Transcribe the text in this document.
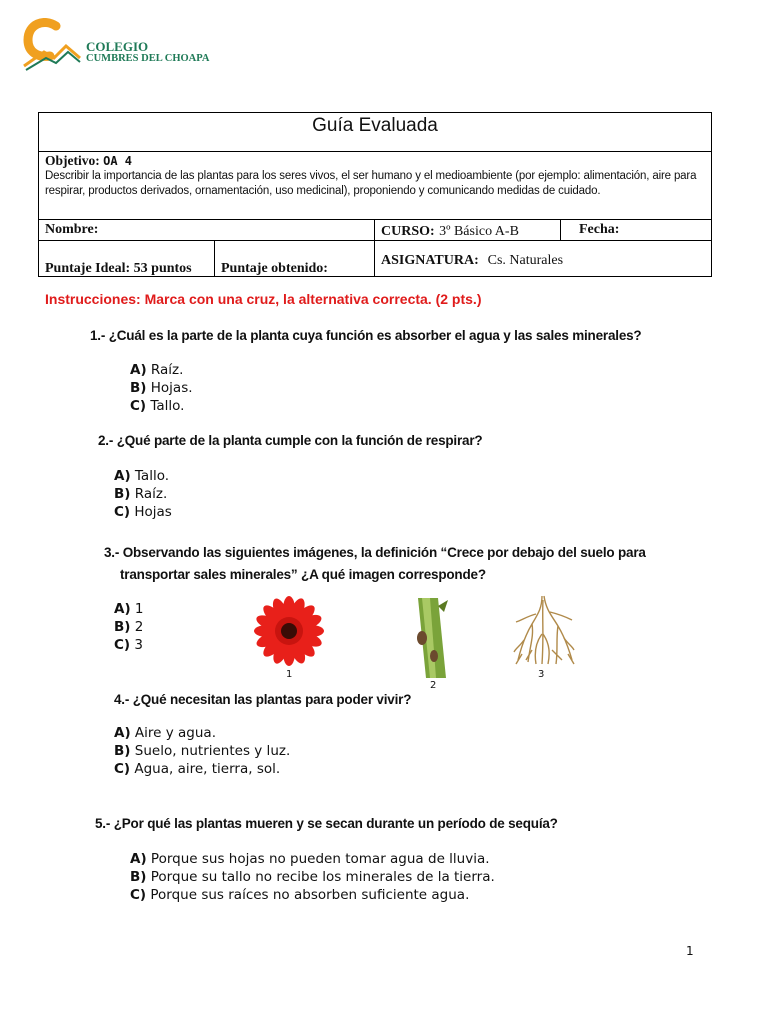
COLEGIO
CUMBRES DEL CHOAPA
Guía Evaluada
Objetivo: OA 4
Describir la importancia de las plantas para los seres vivos, el ser humano y el medioambiente (por ejemplo: alimentación, aire para respirar, productos derivados, ornamentación, uso medicinal), proponiendo y comunicando medidas de cuidado.
Nombre:	CURSO: 3º Básico A-B	Fecha:
Puntaje Ideal: 53 puntos Puntaje obtenido:
ASIGNATURA: Cs. Naturales
Instrucciones: Marca con una cruz, la alternativa correcta. (2 pts.)
1.- ¿Cuál es la parte de la planta cuya función es absorber el agua y las sales minerales?
A) Raíz.
B) Hojas.
C) Tallo.
2.- ¿Qué parte de la planta cumple con la función de respirar?
A) Tallo.
B) Raíz.
C) Hojas
3.- Observando las siguientes imágenes, la definición “Crece por debajo del suelo para
transportar sales minerales” ¿A qué imagen corresponde?
A) 1
B) 2
C) 3
1
2
3
4.- ¿Qué necesitan las plantas para poder vivir?
A) Aire y agua.
B) Suelo, nutrientes y luz.
C) Agua, aire, tierra, sol.
5.- ¿Por qué las plantas mueren y se secan durante un período de sequía?
A) Porque sus hojas no pueden tomar agua de lluvia.
B) Porque su tallo no recibe los minerales de la tierra.
C) Porque sus raíces no absorben suficiente agua.
1
